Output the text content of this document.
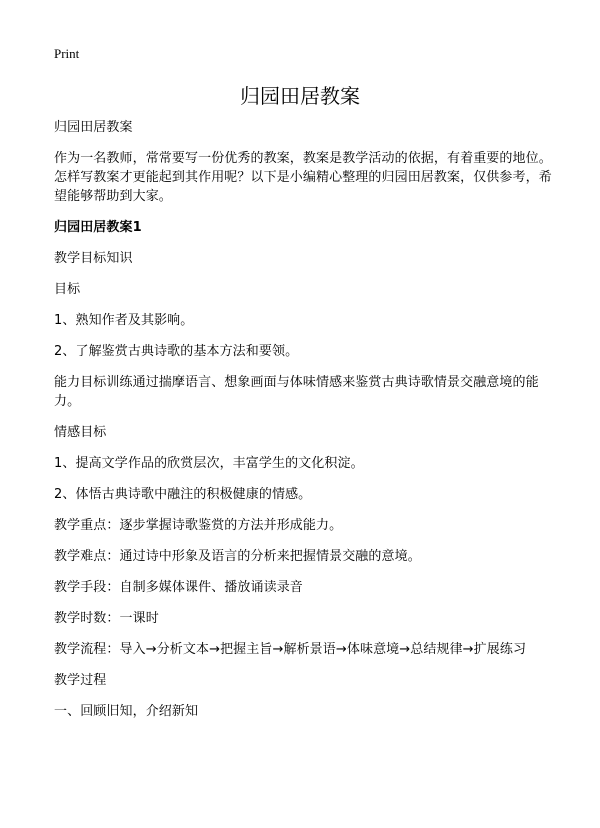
Print
归园田居教案

归园田居教案

作为一名教师，常常要写一份优秀的教案，教案是教学活动的依据，有着重要的地位。怎样写教案才更能起到其作用呢？以下是小编精心整理的归园田居教案，仅供参考，希望能够帮助到大家。

归园田居教案1

教学目标知识

目标

1、熟知作者及其影响。

2、了解鉴赏古典诗歌的基本方法和要领。

能力目标训练通过揣摩语言、想象画面与体味情感来鉴赏古典诗歌情景交融意境的能力。

情感目标

1、提高文学作品的欣赏层次，丰富学生的文化积淀。

2、体悟古典诗歌中融注的积极健康的情感。

教学重点：逐步掌握诗歌鉴赏的方法并形成能力。

教学难点：通过诗中形象及语言的分析来把握情景交融的意境。

教学手段：自制多媒体课件、播放诵读录音

教学时数：一课时

教学流程：导入→分析文本→把握主旨→解析景语→体味意境→总结规律→扩展练习

教学过程

一、回顾旧知，介绍新知
